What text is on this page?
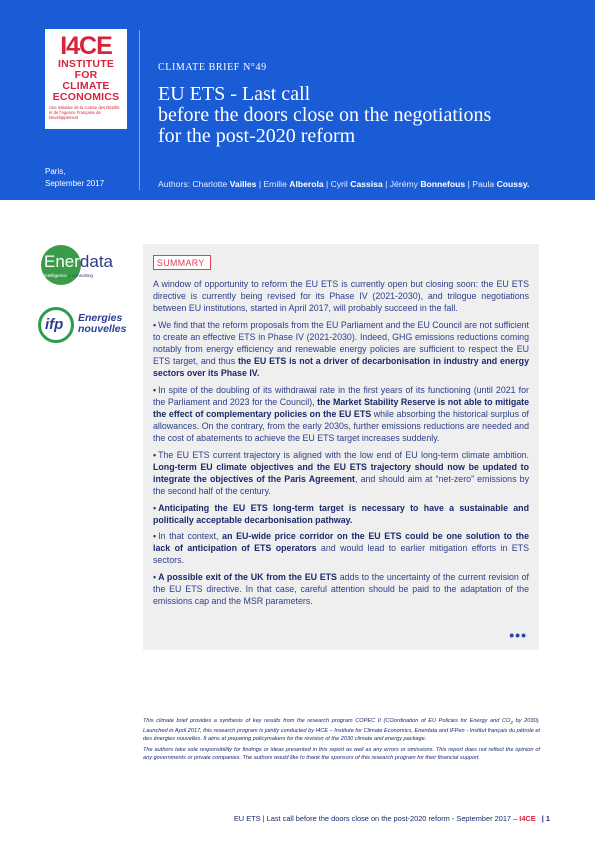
I4CE
INSTITUTE FOR
CLIMATE
ECONOMICS
Une initiative de la Caisse des Dépôts et de l'Agence Française de Développement
CLIMATE BRIEF N°49
EU ETS - Last call
before the doors close on the negotiations
for the post-2020 reform
Paris,
September 2017	Authors: Charlotte Vailles | Emilie Alberola | Cyril Cassisa | Jérémy Bonnefous | Paula Coussy.
Enerdata
intelligence + consulting
ifp Energies
nouvelles
SUMMARY

A window of opportunity to reform the EU ETS is currently open but closing soon: the EU ETS directive is currently being revised for its Phase IV (2021-2030), and trilogue negotiations between EU institutions, started in April 2017, will probably succeed in the fall.

• We find that the reform proposals from the EU Parliament and the EU Council are not sufficient to create an effective ETS in Phase IV (2021-2030). Indeed, GHG emissions reductions coming notably from energy efficiency and renewable energy policies are sufficient to respect the EU ETS target, and thus the EU ETS is not a driver of decarbonisation in industry and energy sectors over its Phase IV.
• In spite of the doubling of its withdrawal rate in the first years of its functioning (until 2021 for the Parliament and 2023 for the Council), the Market Stability Reserve is not able to mitigate the effect of complementary policies on the EU ETS while absorbing the historical surplus of allowances. On the contrary, from the early 2030s, further emissions reductions are needed and the cost of abatements to achieve the EU ETS target increases suddenly.
• The EU ETS current trajectory is aligned with the low end of EU long-term climate ambition. Long-term EU climate objectives and the EU ETS trajectory should now be updated to integrate the objectives of the Paris Agreement, and should aim at “net-zero” emissions by the second half of the century.
• Anticipating the EU ETS long-term target is necessary to have a sustainable and politically acceptable decarbonisation pathway.
• In that context, an EU-wide price corridor on the EU ETS could be one solution to the lack of anticipation of ETS operators and would lead to earlier mitigation efforts in ETS sectors.
• A possible exit of the UK from the EU ETS adds to the uncertainty of the current revision of the EU ETS directive. In that case, careful attention should be paid to the adaptation of the emissions cap and the MSR parameters.
•••

This climate brief provides a synthesis of key results from the research program COPEC II (COordination of EU Policies for Energy and $CO_2$ by 2030). Launched in April 2017, this research program is jointly conducted by I4CE – Institute for Climate Economics, Enerdata and IFPen - Institut français du pétrole et des énergies nouvelles. It aims at preparing policymakers for the revision of the 2030 climate and energy package.

The authors take sole responsibility for findings or ideas presented in this report as well as any errors or omissions. This report does not reflect the opinion of any governments or private companies. The authors would like to thank the sponsors of this research program for their financial support.

EU ETS | Last call before the doors close on the post-2020 reform - September 2017 – I4CE | 1
